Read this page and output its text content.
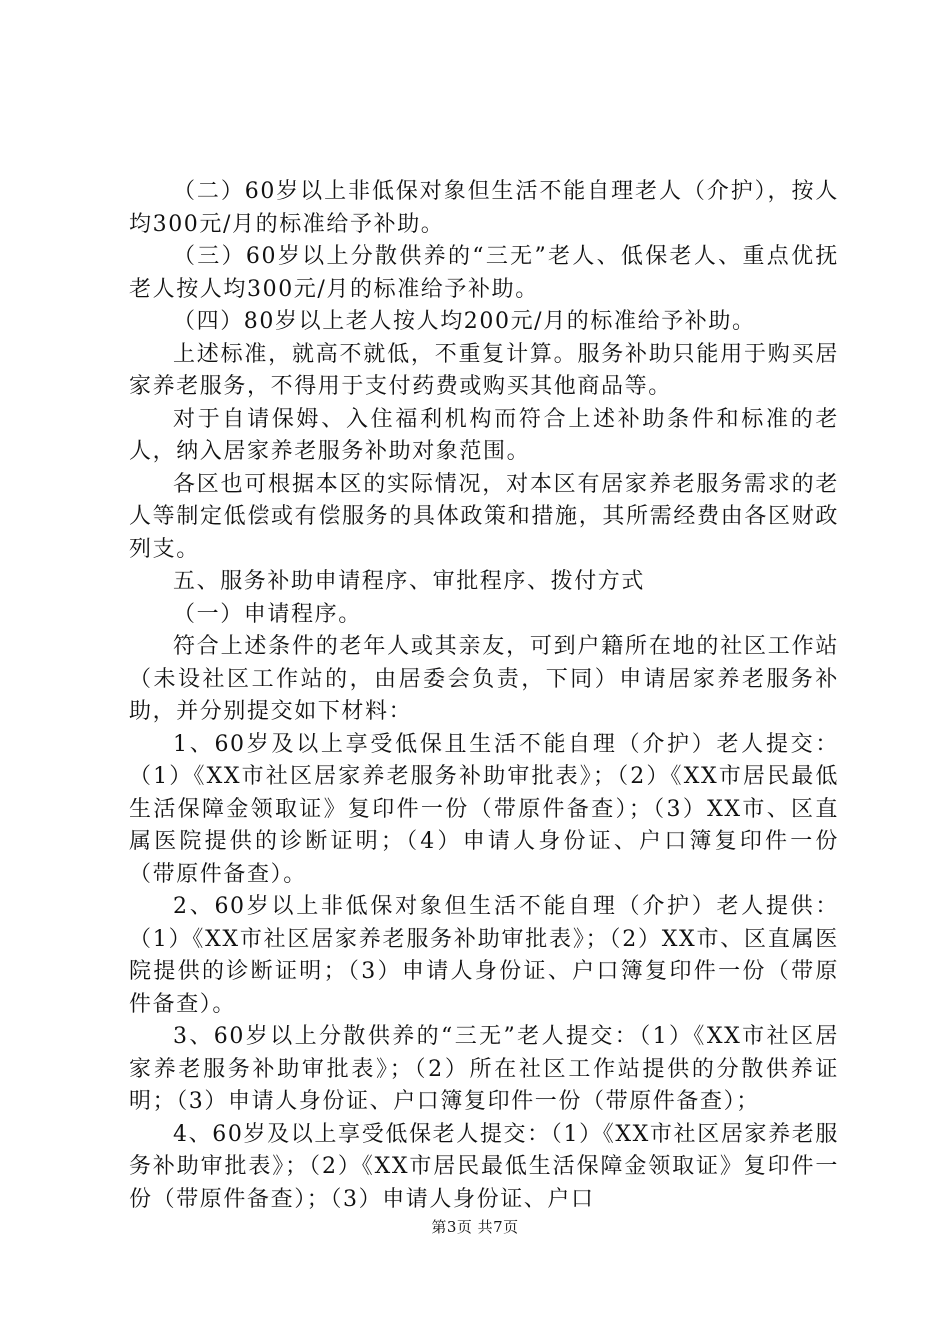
（二）60岁以上非低保对象但生活不能自理老人（介护），按人均300元/月的标准给予补助。

（三）60岁以上分散供养的“三无”老人、低保老人、重点优抚老人按人均300元/月的标准给予补助。

（四）80岁以上老人按人均200元/月的标准给予补助。

上述标准，就高不就低，不重复计算。服务补助只能用于购买居家养老服务，不得用于支付药费或购买其他商品等。

对于自请保姆、入住福利机构而符合上述补助条件和标准的老人，纳入居家养老服务补助对象范围。

各区也可根据本区的实际情况，对本区有居家养老服务需求的老人等制定低偿或有偿服务的具体政策和措施，其所需经费由各区财政列支。

五、服务补助申请程序、审批程序、拨付方式

（一）申请程序。

符合上述条件的老年人或其亲友，可到户籍所在地的社区工作站（未设社区工作站的，由居委会负责，下同）申请居家养老服务补助，并分别提交如下材料：

1、60岁及以上享受低保且生活不能自理（介护）老人提交：（1）《XX市社区居家养老服务补助审批表》；（2）《XX市居民最低生活保障金领取证》复印件一份（带原件备查）；（3）XX市、区直属医院提供的诊断证明；（4）申请人身份证、户口簿复印件一份（带原件备查）。

2、60岁以上非低保对象但生活不能自理（介护）老人提供：（1）《XX市社区居家养老服务补助审批表》；（2）XX市、区直属医院提供的诊断证明；（3）申请人身份证、户口簿复印件一份（带原件备查）。

3、60岁以上分散供养的“三无”老人提交：（1）《XX市社区居家养老服务补助审批表》；（2）所在社区工作站提供的分散供养证明；（3）申请人身份证、户口簿复印件一份（带原件备查）；

4、60岁及以上享受低保老人提交：（1）《XX市社区居家养老服务补助审批表》；（2）《XX市居民最低生活保障金领取证》复印件一份（带原件备查）；（3）申请人身份证、户口

第3页 共7页
